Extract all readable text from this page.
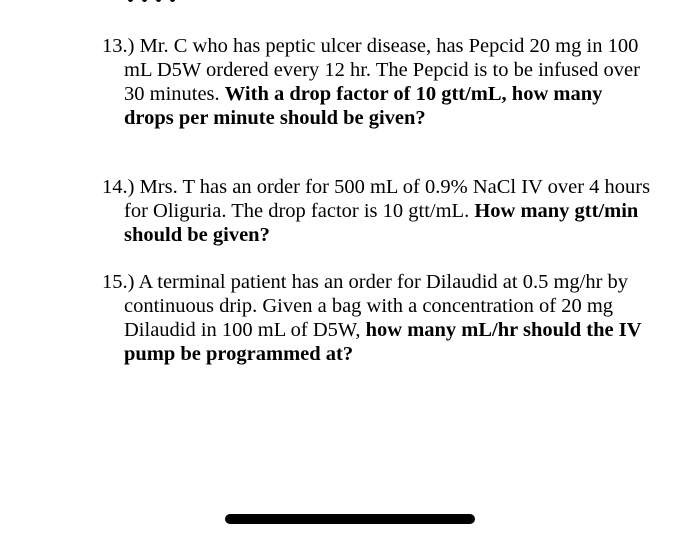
13.) Mr. C who has peptic ulcer disease, has Pepcid 20 mg in 100 mL D5W ordered every 12 hr. The Pepcid is to be infused over 30 minutes. With a drop factor of 10 gtt/mL, how many drops per minute should be given?
14.) Mrs. T has an order for 500 mL of 0.9% NaCl IV over 4 hours for Oliguria. The drop factor is 10 gtt/mL. How many gtt/min should be given?
15.) A terminal patient has an order for Dilaudid at 0.5 mg/hr by continuous drip. Given a bag with a concentration of 20 mg Dilaudid in 100 mL of D5W, how many mL/hr should the IV pump be programmed at?
